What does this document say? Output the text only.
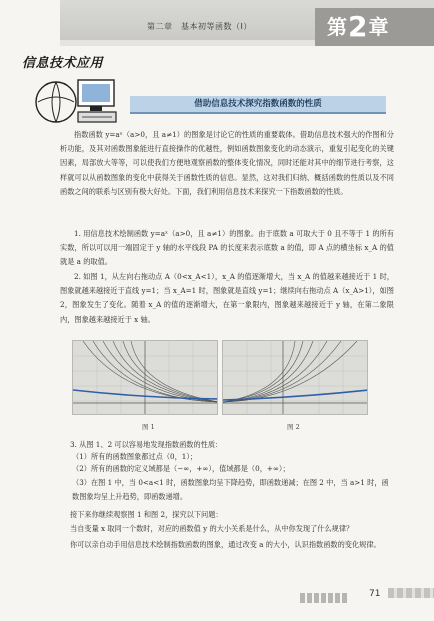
第二章　基本初等函数（Ⅰ）	第2章
信息技术应用
借助信息技术探究指数函数的性质

指数函数 y=aˣ（a>0，且 a≠1）的图象是讨论它的性质的重要载体。借助信息技术强大的作图和分析功能，及其对函数图象能进行直接操作的优越性，例如函数图象变化的动态演示，重复引起变化的关键因素，局部放大等等，可以使我们方便地观察函数的整体变化情况，同时还能对其中的细节进行考察，这样就可以从函数图象的变化中获得关于函数性质的信息。显然，这对我们归纳、概括函数的性质以及不同函数之间的联系与区别有极大好处。下面，我们利用信息技术来探究一下指数函数的性质。

1. 用信息技术绘制函数 y=aˣ（a>0，且 a≠1）的图象。由于底数 a 可取大于 0 且不等于 1 的所有实数，所以可以用一端固定于 y 轴的水平线段 PA 的长度来表示底数 a 的值，即 A 点的横坐标 x_A 的值就是 a 的取值。

2. 如图 1，从左向右拖动点 A（0<x_A<1），x_A 的值逐渐增大，当 x_A 的值越来越接近于 1 时，图象就越来越接近于直线 y=1；当 x_A=1 时，图象就是直线 y=1；继续向右拖动点 A（x_A>1），如图 2，图象发生了变化。随着 x_A 的值的逐渐增大，在第一象限内，图象越来越接近于 y 轴，在第二象限内，图象越来越接近于 x 轴。

图 1	图 2
3. 从图 1、2 可以容易地发现指数函数的性质：
（1）所有的函数图象都过点（0，1）；
（2）所有的函数的定义域都是（−∞，+∞），值域都是（0，+∞）；
（3）在图 1 中，当 0<a<1 时，函数图象均呈下降趋势，即函数递减；在图 2 中，当 a>1 时，函数图象均呈上升趋势，即函数递增。
接下来你继续观察图 1 和图 2，探究以下问题：
当自变量 x 取同一个数时，对应的函数值 y 的大小关系是什么，从中你发现了什么规律？
你可以亲自动手用信息技术绘制指数函数的图象，通过改变 a 的大小，认识指数函数的变化规律。
71
